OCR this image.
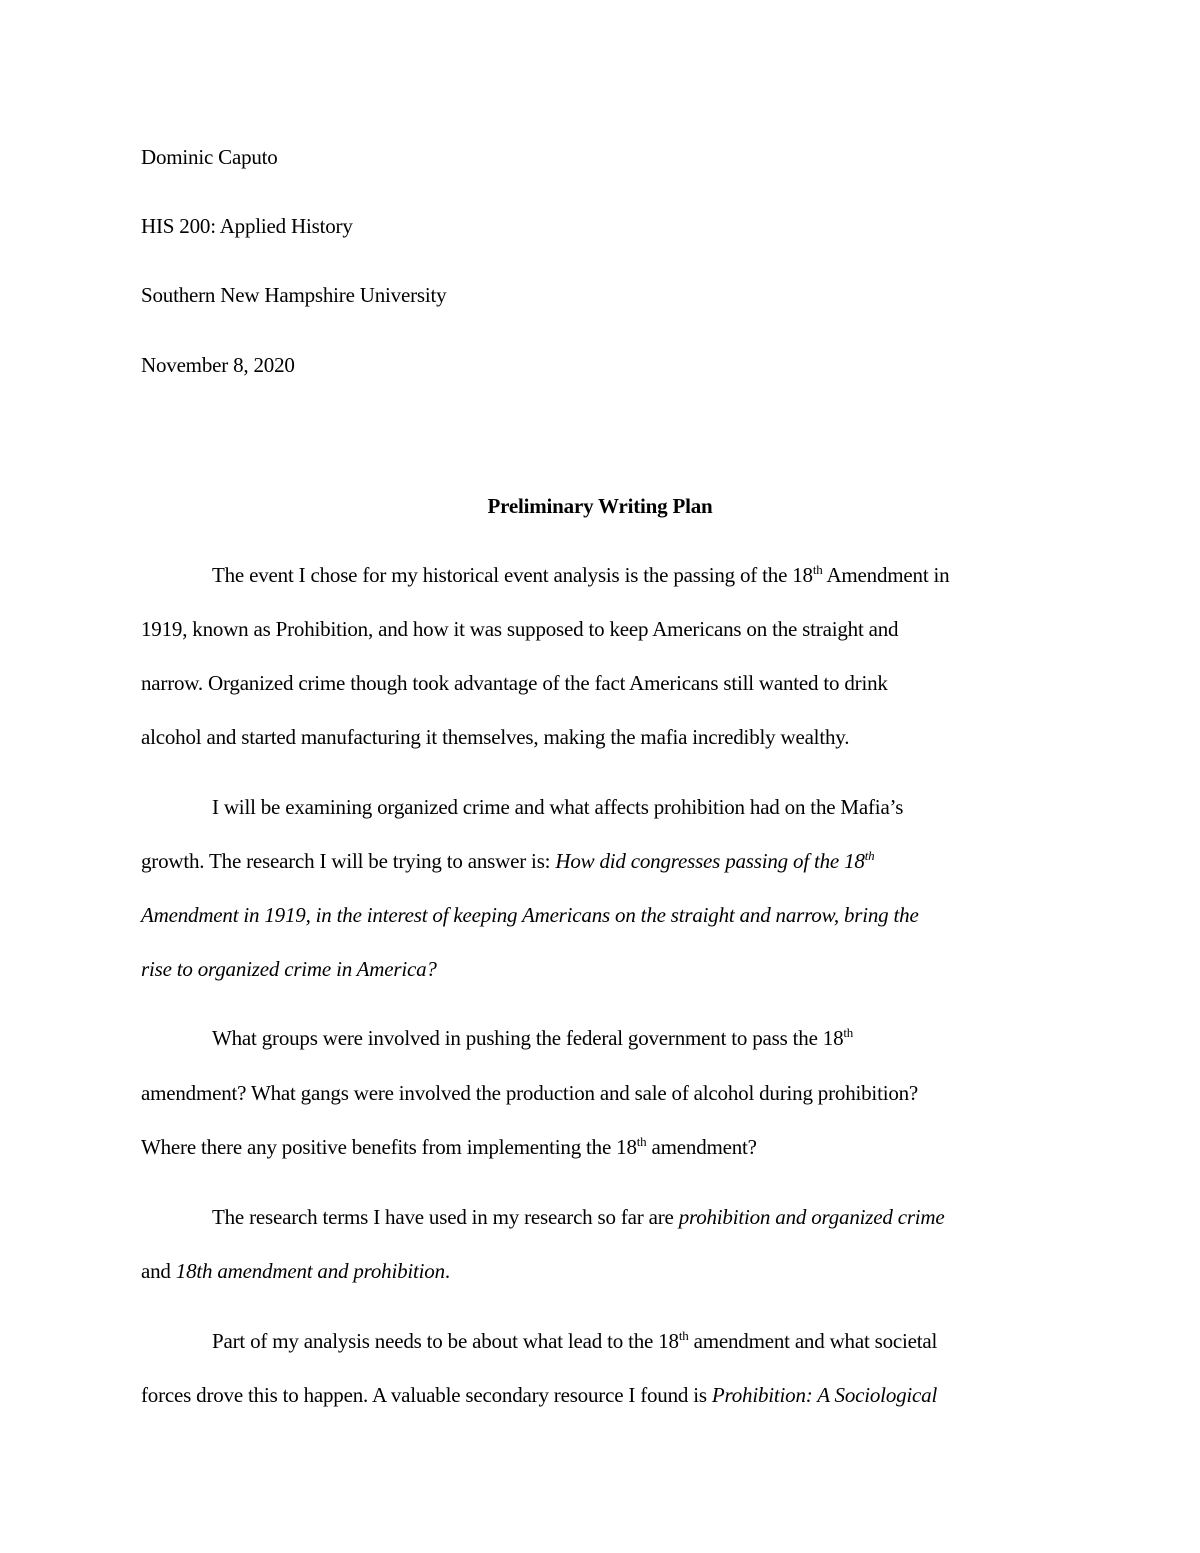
Dominic Caputo
HIS 200: Applied History
Southern New Hampshire University
November 8, 2020
Preliminary Writing Plan
The event I chose for my historical event analysis is the passing of the 18th Amendment in
1919, known as Prohibition, and how it was supposed to keep Americans on the straight and
narrow. Organized crime though took advantage of the fact Americans still wanted to drink
alcohol and started manufacturing it themselves, making the mafia incredibly wealthy.
I will be examining organized crime and what affects prohibition had on the Mafia’s
growth. The research I will be trying to answer is: How did congresses passing of the 18th
Amendment in 1919, in the interest of keeping Americans on the straight and narrow, bring the
rise to organized crime in America?
What groups were involved in pushing the federal government to pass the 18th
amendment? What gangs were involved the production and sale of alcohol during prohibition?
Where there any positive benefits from implementing the 18th amendment?
The research terms I have used in my research so far are prohibition and organized crime
and 18th amendment and prohibition.
Part of my analysis needs to be about what lead to the 18th amendment and what societal
forces drove this to happen. A valuable secondary resource I found is Prohibition: A Sociological
